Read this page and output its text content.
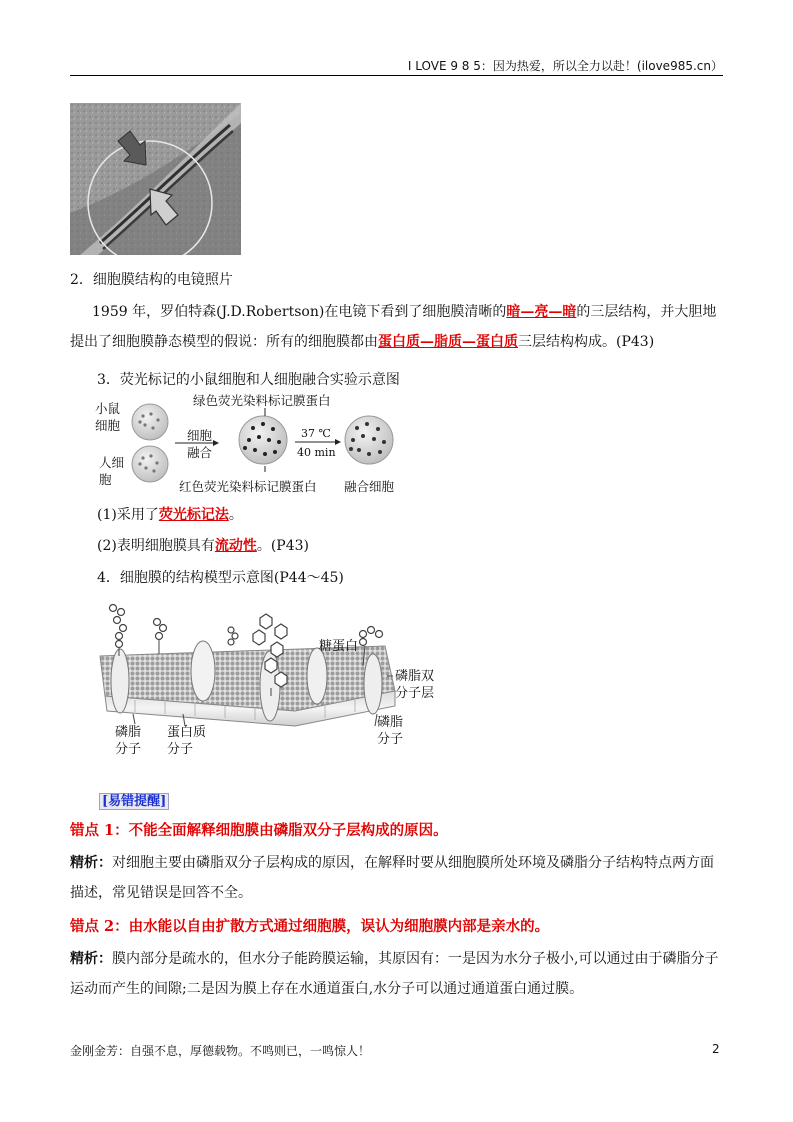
I LOVE 9 8 5：因为热爱，所以全力以赴！(ilove985.cn）
2．细胞膜结构的电镜照片
1959 年，罗伯特森(J.D.Robertson)在电镜下看到了细胞膜清晰的暗—亮—暗的三层结构，并大胆地提出了细胞膜静态模型的假说：所有的细胞膜都由蛋白质—脂质—蛋白质三层结构构成。(P43)
3．荧光标记的小鼠细胞和人细胞融合实验示意图
小鼠细胞
人细胞
细胞融合
绿色荧光染料标记膜蛋白
红色荧光染料标记膜蛋白
37 ℃
40 min
融合细胞
(1)采用了荧光标记法。
(2)表明细胞膜具有流动性。(P43)
4．细胞膜的结构模型示意图(P44～45)
糖蛋白
磷脂双分子层
磷脂分子
蛋白质分子
磷脂分子
[易错提醒]
错点 1：不能全面解释细胞膜由磷脂双分子层构成的原因。
精析：对细胞主要由磷脂双分子层构成的原因，在解释时要从细胞膜所处环境及磷脂分子结构特点两方面描述，常见错误是回答不全。
错点 2：由水能以自由扩散方式通过细胞膜，误认为细胞膜内部是亲水的。
精析：膜内部分是疏水的，但水分子能跨膜运输，其原因有：一是因为水分子极小,可以通过由于磷脂分子运动而产生的间隙;二是因为膜上存在水通道蛋白,水分子可以通过通道蛋白通过膜。
金刚金芳：自强不息，厚德载物。不鸣则已，一鸣惊人！	2
